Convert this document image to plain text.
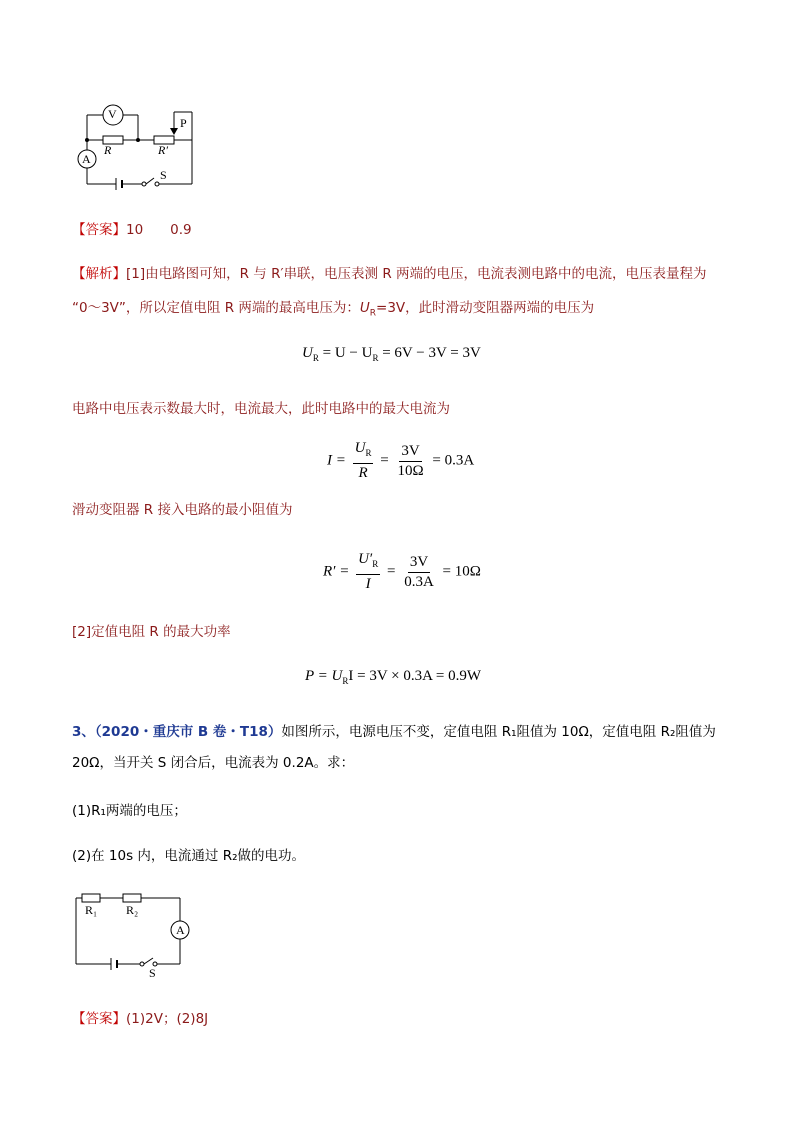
V
A
R	R′
P
S
【答案】10　　0.9
【解析】[1]由电路图可知，R 与 R′串联，电压表测 R 两端的电压，电流表测电路中的电流，电压表量程为
“0～3V”，所以定值电阻 R 两端的最高电压为：$U_R=3V$，此时滑动变阻器两端的电压为
$U_R = U - U_R = 6V - 3V = 3V$
电路中电压表示数最大时，电流最大，此时电路中的最大电流为
$I = \frac{U_R}{R} = \frac{3V}{10\Omega} = 0.3A$
滑动变阻器 R 接入电路的最小阻值为
$R' = \frac{U'_R}{I} = \frac{3V}{0.3A} = 10\Omega$
[2]定值电阻 R 的最大功率
$P = U_RI = 3V \times 0.3A = 0.9W$
3、（2020・重庆市 B 卷・T18）如图所示，电源电压不变，定值电阻 R₁阻值为 10Ω，定值电阻 R₂阻值为
20Ω，当开关 S 闭合后，电流表为 0.2A。求：
(1)R₁两端的电压；
(2)在 10s 内，电流通过 R₂做的电功。
R₁ R₂
A
S
【答案】(1)2V；(2)8J
